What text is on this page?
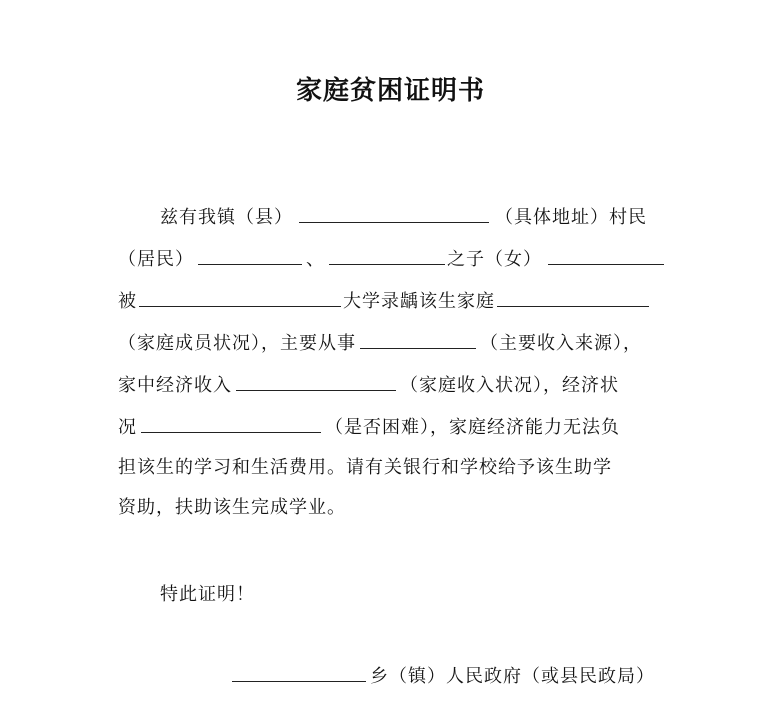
家庭贫困证明书
兹有我镇（县）	（具体地址）村民
（居民）	、	之子（女）
被	大学录龋该生家庭
（家庭成员状况），主要从事	（主要收入来源），
家中经济收入	（家庭收入状况），经济状
况	（是否困难），家庭经济能力无法负
担该生的学习和生活费用。请有关银行和学校给予该生助学
资助，扶助该生完成学业。
特此证明！
乡（镇）人民政府（或县民政局）
